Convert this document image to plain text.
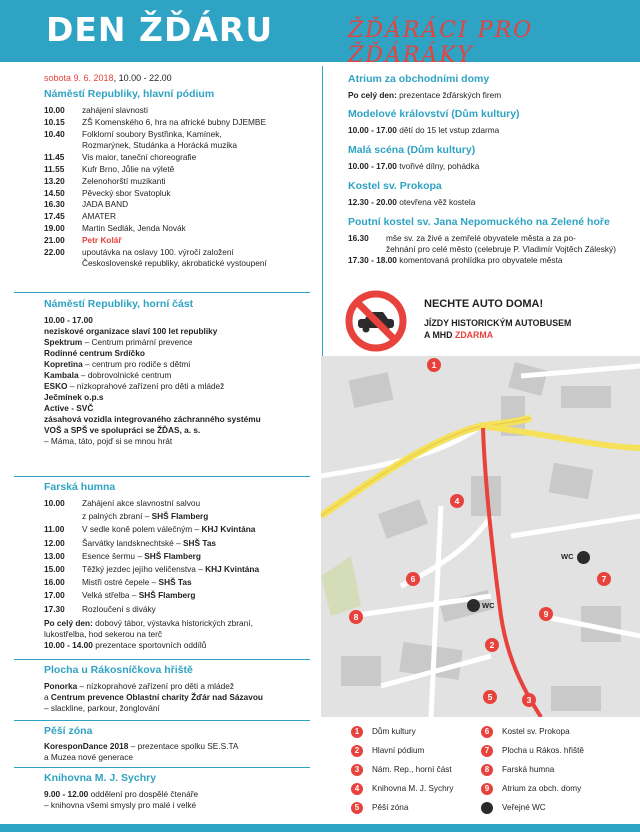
DEN ŽĎÁRU	ŽĎÁRÁCI PRO ŽĎÁRÁKY
sobota 9. 6. 2018, 10.00 - 22.00
Náměstí Republiky, hlavní pódium
10.00 zahájení slavnosti
10.15 ZŠ Komenského 6, hra na africké bubny DJEMBE
10.40 Folklorní soubory Bystřinka, Kamínek,
Rozmarýnek, Studánka a Horácká muzika
11.45 Vis maior, taneční choreografie
11.55 Kufr Brno, Jůlie na výletě
13.20 Zelenohorští muzikanti
14.50 Pěvecký sbor Svatopluk
16.30 JADA BAND
17.45 AMATER
19.00 Martin Sedlák, Jenda Novák
21.00 Petr Kolář
22.00 upoutávka na oslavy 100. výročí založení
Československé republiky, akrobatické vystoupení
Náměstí Republiky, horní část
10.00 - 17.00
neziskové organizace slaví 100 let republiky
Spektrum – Centrum primární prevence
Rodinné centrum Srdíčko
Kopretina – centrum pro rodiče s dětmi
Kambala – dobrovolnické centrum
ESKO – nízkoprahové zařízení pro děti a mládež
Ječmínek o.p.s
Active - SVČ
zásahová vozidla integrovaného záchranného systému
VOŠ a SPŠ ve spolupráci se ŽĎAS, a. s.
– Máma, táto, pojď si se mnou hrát
Farská humna
10.00 Zahájení akce slavnostní salvou
z palných zbraní – SHŠ Flamberg
11.00 V sedle koně polem válečným – KHJ Kvintána
12.00 Šarvátky landsknechtské – SHŠ Tas
13.00 Esence šermu – SHŠ Flamberg
15.00 Těžký jezdec jejího veličenstva – KHJ Kvintána
16.00 Mistři ostré čepele – SHŠ Tas
17.00 Velká střelba – SHŠ Flamberg
17.30 Rozloučení s diváky
Po celý den: dobový tábor, výstavka historických zbraní,
lukostřelba, hod sekerou na terč
10.00 - 14.00 prezentace sportovních oddílů
Plocha u Rákosníčkova hřiště
Ponorka – nízkoprahové zařízení pro děti a mládež
a Centrum prevence Oblastní charity Žďár nad Sázavou
– slackline, parkour, žonglování
Pěší zóna
KoresponDance 2018 – prezentace spolku SE.S.TA
a Muzea nové generace
Knihovna M. J. Sychry
9.00 - 12.00 oddělení pro dospělé čtenáře
– knihovna všemi smysly pro malé i velké
Atrium za obchodními domy
Po celý den: prezentace žďárských firem
Modelové království (Dům kultury)
10.00 - 17.00 dětí do 15 let vstup zdarma
Malá scéna (Dům kultury)
10.00 - 17.00 tvořivé dílny, pohádka
Kostel sv. Prokopa
12.30 - 20.00 otevřena věž kostela
Poutní kostel sv. Jana Nepomuckého na Zelené hoře
16.30 mše sv. za živé a zemřelé obyvatele města a za po-
žehnání pro celé město (celebruje P. Vladimír Vojtěch Záleský)
17.30 - 18.00 komentovaná prohlídka pro obyvatele města
NECHTE AUTO DOMA!
JÍZDY HISTORICKÝM AUTOBUSEM
A MHD ZDARMA
1
2
3
4
5
6	7
8	9
WC
WC
1 Dům kultury
2 Hlavní pódium
3 Nám. Rep., horní část
4 Knihovna M. J. Sychry
5 Pěší zóna
6 Kostel sv. Prokopa
7 Plocha u Rákos. hřiště
8 Farská humna
9 Atrium za obch. domy
Veřejné WC
